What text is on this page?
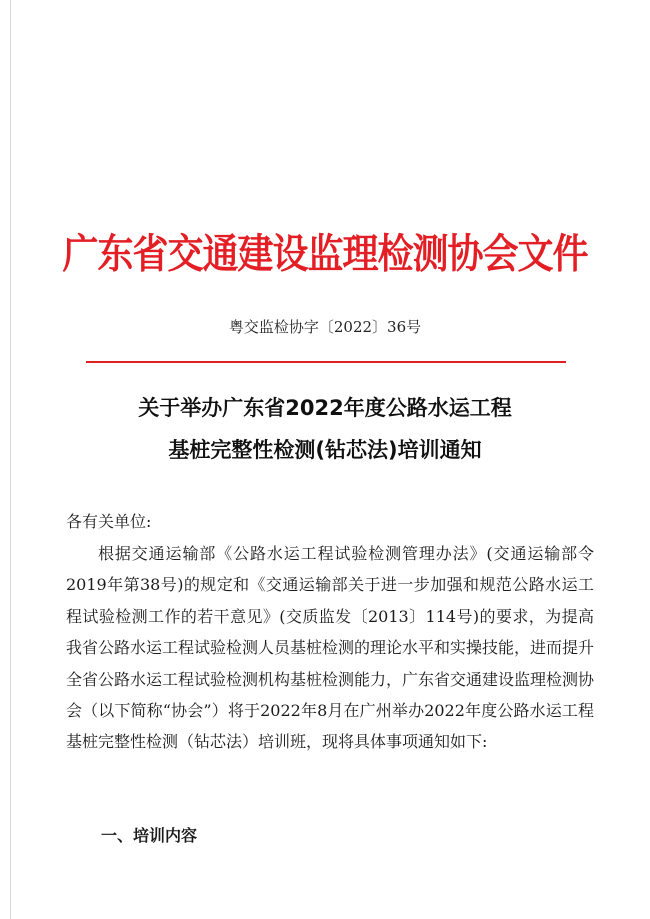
广东省交通建设监理检测协会文件
粤交监检协字〔2022〕36号
关于举办广东省2022年度公路水运工程
基桩完整性检测(钻芯法)培训通知
各有关单位:

根据交通运输部《公路水运工程试验检测管理办法》(交通运输部令2019年第38号)的规定和《交通运输部关于进一步加强和规范公路水运工程试验检测工作的若干意见》(交质监发〔2013〕114号)的要求，为提高我省公路水运工程试验检测人员基桩检测的理论水平和实操技能，进而提升全省公路水运工程试验检测机构基桩检测能力，广东省交通建设监理检测协会（以下简称“协会”）将于2022年8月在广州举办2022年度公路水运工程基桩完整性检测（钻芯法）培训班，现将具体事项通知如下:

一、培训内容
